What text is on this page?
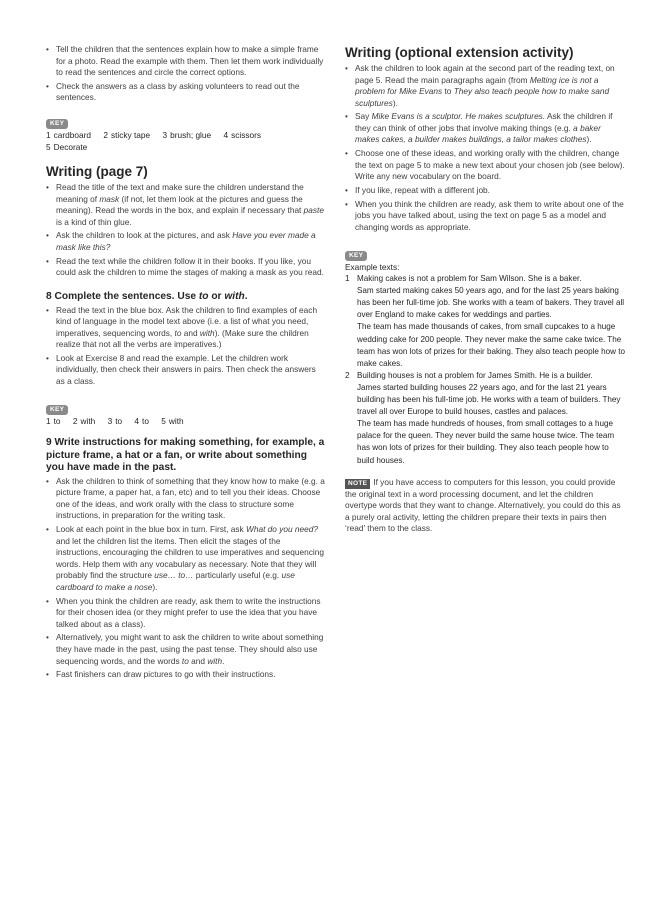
• Tell the children that the sentences explain how to make a simple frame for a photo. Read the example with them. Then let them work individually to read the sentences and circle the correct options.
• Check the answers as a class by asking volunteers to read out the sentences.
KEY
1 cardboard 2 sticky tape 3 brush; glue 4 scissors
5 Decorate
Writing (page 7)
• Read the title of the text and make sure the children understand the meaning of mask (if not, let them look at the pictures and guess the meaning). Read the words in the box, and explain if necessary that paste is a kind of thin glue.
• Ask the children to look at the pictures, and ask Have you ever made a mask like this?
• Read the text while the children follow it in their books. If you like, you could ask the children to mime the stages of making a mask as you read.
8 Complete the sentences. Use to or with.
• Read the text in the blue box. Ask the children to find examples of each kind of language in the model text above (i.e. a list of what you need, imperatives, sequencing words, to and with). (Make sure the children realize that not all the verbs are imperatives.)
• Look at Exercise 8 and read the example. Let the children work individually, then check their answers in pairs. Then check the answers as a class.
KEY
1 to 2 with 3 to 4 to 5 with
9 Write instructions for making something, for example, a picture frame, a hat or a fan, or write about something you have made in the past.
• Ask the children to think of something that they know how to make (e.g. a picture frame, a paper hat, a fan, etc) and to tell you their ideas. Choose one of the ideas, and work orally with the class to structure some instructions, in preparation for the writing task.
• Look at each point in the blue box in turn. First, ask What do you need? and let the children list the items. Then elicit the stages of the instructions, encouraging the children to use imperatives and sequencing words. Help them with any vocabulary as necessary. Note that they will probably find the structure use… to… particularly useful (e.g. use cardboard to make a nose).
• When you think the children are ready, ask them to write the instructions for their chosen idea (or they might prefer to use the idea that you have talked about as a class).
• Alternatively, you might want to ask the children to write about something they have made in the past, using the past tense. They should also use sequencing words, and the words to and with.
• Fast finishers can draw pictures to go with their instructions.
Writing (optional extension activity)
• Ask the children to look again at the second part of the reading text, on page 5. Read the main paragraphs again (from Melting ice is not a problem for Mike Evans to They also teach people how to make sand sculptures).
• Say Mike Evans is a sculptor. He makes sculptures. Ask the children if they can think of other jobs that involve making things (e.g. a baker makes cakes, a builder makes buildings, a tailor makes clothes).
• Choose one of these ideas, and working orally with the children, change the text on page 5 to make a new text about your chosen job (see below). Write any new vocabulary on the board.
• If you like, repeat with a different job.
• When you think the children are ready, ask them to write about one of the jobs you have talked about, using the text on page 5 as a model and changing words as appropriate.
KEY
Example texts:
1 Making cakes is not a problem for Sam Wilson. She is a baker.

Sam started making cakes 50 years ago, and for the last 25 years baking has been her full-time job. She works with a team of bakers. They travel all over England to make cakes for weddings and parties.

The team has made thousands of cakes, from small cupcakes to a huge wedding cake for 200 people. They never make the same cake twice. The team has won lots of prizes for their baking. They also teach people how to make cakes.

2 Building houses is not a problem for James Smith. He is a builder.

James started building houses 22 years ago, and for the last 21 years building has been his full-time job. He works with a team of builders. They travel all over Europe to build houses, castles and palaces.

The team has made hundreds of houses, from small cottages to a huge palace for the queen. They never build the same house twice. The team has won lots of prizes for their building. They also teach people how to build houses.

NOTE If you have access to computers for this lesson, you could provide the original text in a word processing document, and let the children overtype words that they want to change. Alternatively, you could do this as a purely oral activity, letting the children prepare their texts in pairs then ‘read’ them to the class.
